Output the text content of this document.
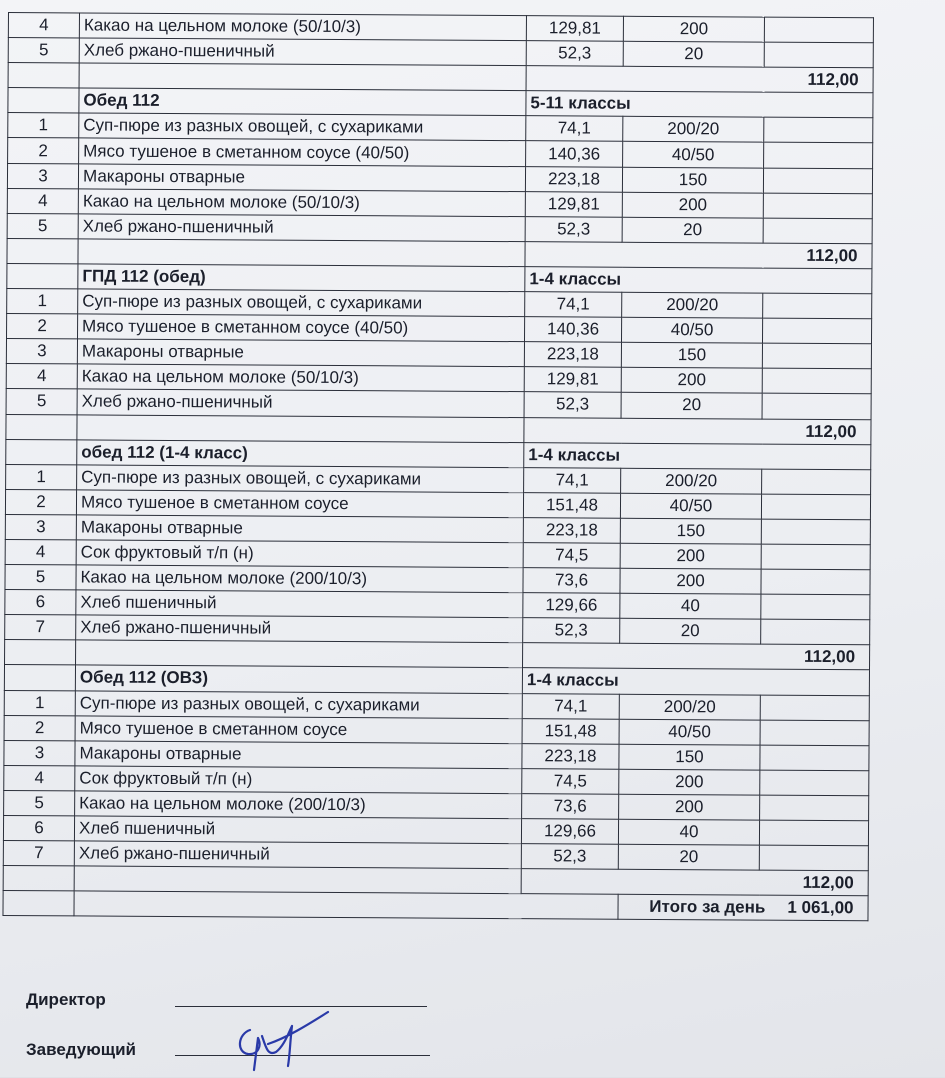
4	Какао на цельном молоке (50/10/3)	129,81	200	
5	Хлеб ржано-пшеничный	52,3	20	
		112,00		
	Обед 112	5-11 классы		
1	Суп-пюре из разных овощей, с сухариками	74,1	200/20	
2	Мясо тушеное в сметанном соусе (40/50)	140,36	40/50	
3	Макароны отварные	223,18	150	
4	Какао на цельном молоке (50/10/3)	129,81	200	
5	Хлеб ржано-пшеничный	52,3	20	
		112,00		
	ГПД 112 (обед)	1-4 классы		
1	Суп-пюре из разных овощей, с сухариками	74,1	200/20	
2	Мясо тушеное в сметанном соусе (40/50)	140,36	40/50	
3	Макароны отварные	223,18	150	
4	Какао на цельном молоке (50/10/3)	129,81	200	
5	Хлеб ржано-пшеничный	52,3	20	
		112,00		
	обед 112 (1-4 класс)	1-4 классы		
1	Суп-пюре из разных овощей, с сухариками	74,1	200/20	
2	Мясо тушеное в сметанном соусе	151,48	40/50	
3	Макароны отварные	223,18	150	
4	Сок фруктовый т/п (н)	74,5	200	
5	Какао на цельном молоке (200/10/3)	73,6	200	
6	Хлеб пшеничный	129,66	40	
7	Хлеб ржано-пшеничный	52,3	20	
		112,00		
	Обед 112 (ОВЗ)	1-4 классы		
1	Суп-пюре из разных овощей, с сухариками	74,1	200/20	
2	Мясо тушеное в сметанном соусе	151,48	40/50	
3	Макароны отварные	223,18	150	
4	Сок фруктовый т/п (н)	74,5	200	
5	Какао на цельном молоке (200/10/3)	73,6	200	
6	Хлеб пшеничный	129,66	40	
7	Хлеб ржано-пшеничный	52,3	20	
		112,00		
			Итого за день 1 061,00	
Директор
Заведующий
